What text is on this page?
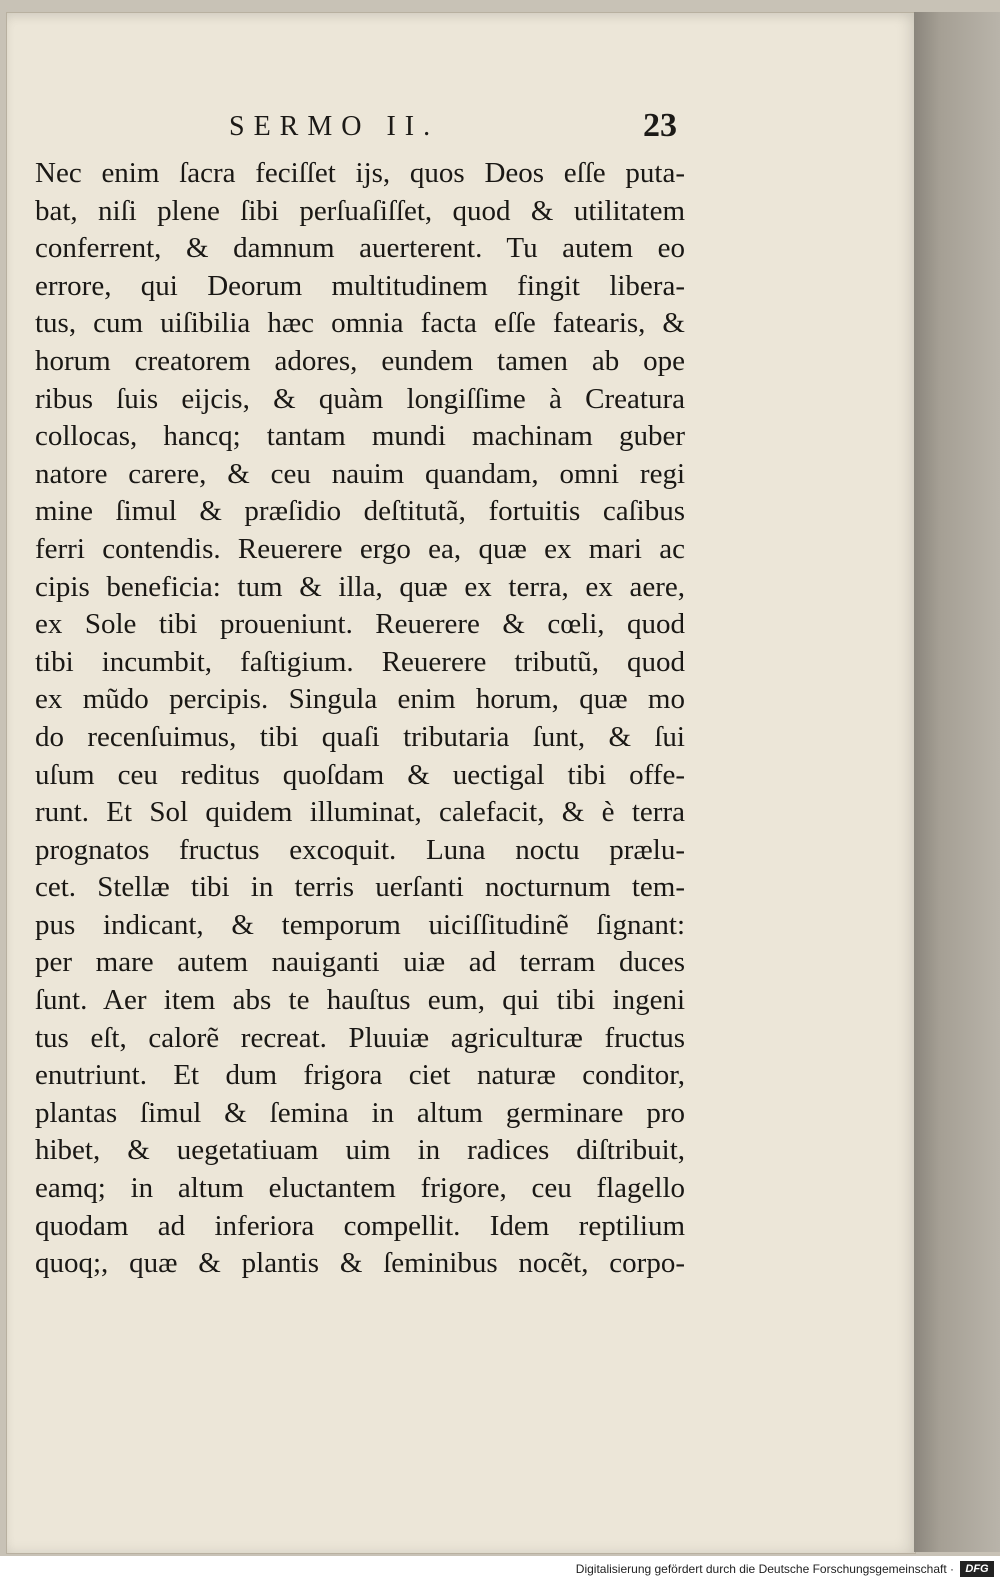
SERMO II.	23
Nec enim ſacra feciſſet ijs, quos Deos eſſe puta-
bat, niſi plene ſibi perſuaſiſſet, quod & utilitatem
conferrent, & damnum auerterent. Tu autem eo
errore, qui Deorum multitudinem fingit libera-
tus, cum uiſibilia hæc omnia facta eſſe fatearis, &
horum creatorem adores, eundem tamen ab ope
ribus ſuis eijcis, & quàm longiſſime à Creatura
collocas, hancq; tantam mundi machinam guber
natore carere, & ceu nauim quandam, omni regi
mine ſimul & præſidio deſtitutã, fortuitis caſibus
ferri contendis. Reuerere ergo ea, quæ ex mari ac
cipis beneficia: tum & illa, quæ ex terra, ex aere,
ex Sole tibi proueniunt. Reuerere & cœli, quod
tibi incumbit, faſtigium. Reuerere tributũ, quod
ex mũdo percipis. Singula enim horum, quæ mo
do recenſuimus, tibi quaſi tributaria ſunt, & ſui
uſum ceu reditus quoſdam & uectigal tibi offe-
runt. Et Sol quidem illuminat, calefacit, & è terra
prognatos fructus excoquit. Luna noctu prælu-
cet. Stellæ tibi in terris uerſanti nocturnum tem-
pus indicant, & temporum uiciſſitudinẽ ſignant:
per mare autem nauiganti uiæ ad terram duces
ſunt. Aer item abs te hauſtus eum, qui tibi ingeni
tus eſt, calorẽ recreat. Pluuiæ agriculturæ fructus
enutriunt. Et dum frigora ciet naturæ conditor,
plantas ſimul & ſemina in altum germinare pro
hibet, & uegetatiuam uim in radices diſtribuit,
eamq; in altum eluctantem frigore, ceu flagello
quodam ad inferiora compellit. Idem reptilium
quoq;, quæ & plantis & ſeminibus nocẽt, corpo-
Digitalisierung gefördert durch die Deutsche Forschungsgemeinschaft ·	DFG
